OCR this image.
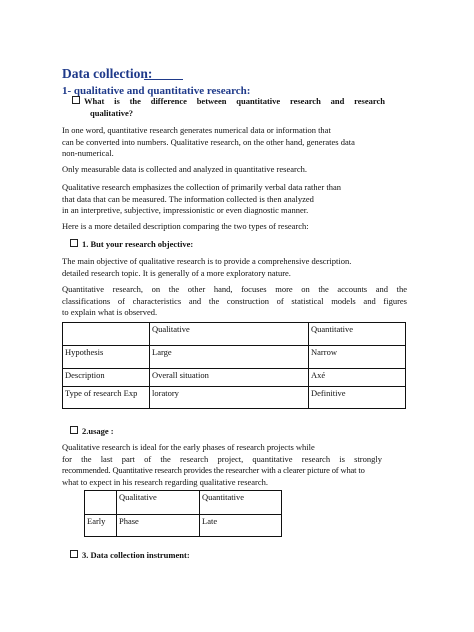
Data collection:
1- qualitative and quantitative research:
What is the difference between quantitative research and research
qualitative?
In one word, quantitative research generates numerical data or information that
can be converted into numbers. Qualitative research, on the other hand, generates data
non-numerical.
Only measurable data is collected and analyzed in quantitative research.
Qualitative research emphasizes the collection of primarily verbal data rather than
that data that can be measured. The information collected is then analyzed
in an interpretive, subjective, impressionistic or even diagnostic manner.
Here is a more detailed description comparing the two types of research:
1. But your research objective:
The main objective of qualitative research is to provide a comprehensive description.
detailed research topic. It is generally of a more exploratory nature.
Quantitative research, on the other hand, focuses more on the accounts and the
classifications of characteristics and the construction of statistical models and figures
to explain what is observed.
	Qualitative	Quantitative
Hypothesis	Large	Narrow
Description	Overall situation	Axé
Type of research Exp	loratory	Definitive
2.usage :
Qualitative research is ideal for the early phases of research projects while
for the last part of the research project, quantitative research is strongly
recommended. Quantitative research provides the researcher with a clearer picture of what to
what to expect in his research regarding qualitative research.
	Qualitative	Quantitative
Early	Phase	Late
3. Data collection instrument:
